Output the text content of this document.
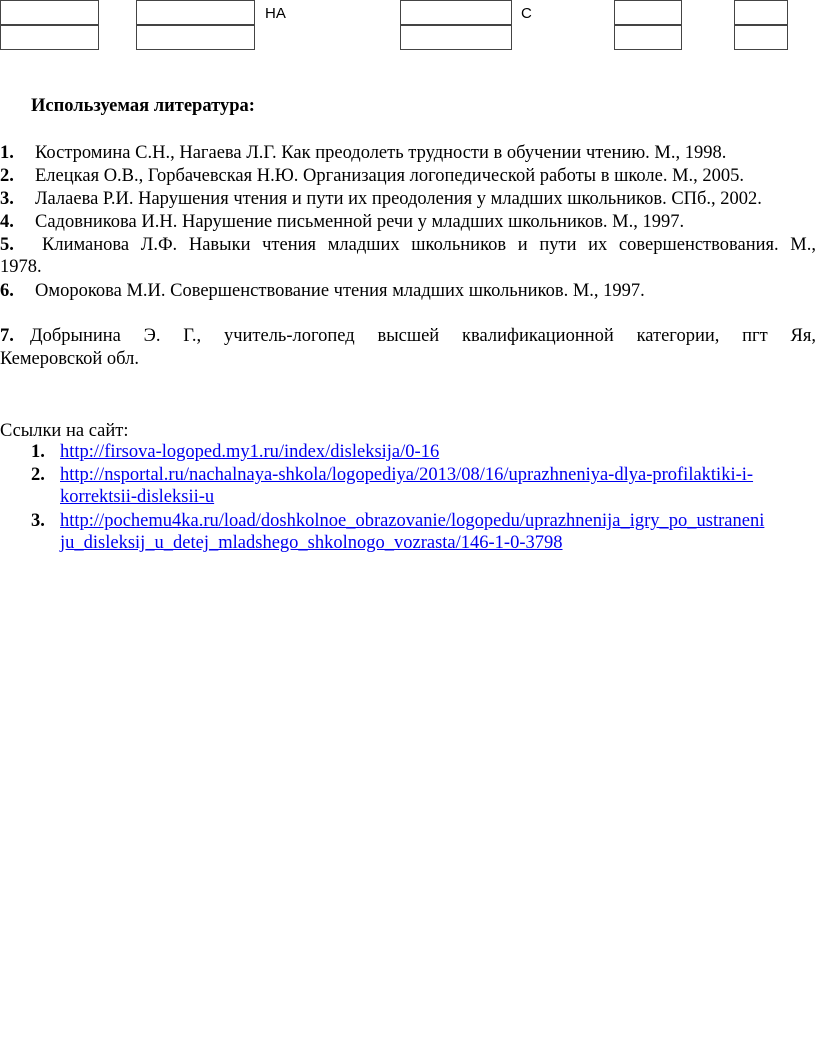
НА	С
Используемая литература:
1. Костромина С.Н., Нагаева Л.Г. Как преодолеть трудности в обучении чтению. М., 1998.
2. Елецкая О.В., Горбачевская Н.Ю. Организация логопедической работы в школе. М., 2005.
3. Лалаева Р.И. Нарушения чтения и пути их преодоления у младших школьников. СПб., 2002.
4. Садовникова И.Н. Нарушение письменной речи у младших школьников. М., 1997.
5. Климанова Л.Ф. Навыки чтения младших школьников и пути их совершенствования. М.,
1978.
6. Оморокова М.И. Совершенствование чтения младших школьников. М., 1997.
7. Добрынина Э. Г., учитель-логопед высшей квалификационной категории, пгт Яя,
Кемеровской обл.
Ссылки на сайт:
1. http://firsova-logoped.my1.ru/index/disleksija/0-16
2. http://nsportal.ru/nachalnaya-shkola/logopediya/2013/08/16/uprazhneniya-dlya-profilaktiki-i-
korrektsii-disleksii-u
3. http://pochemu4ka.ru/load/doshkolnoe_obrazovanie/logopedu/uprazhnenija_igry_po_ustraneni
ju_disleksij_u_detej_mladshego_shkolnogo_vozrasta/146-1-0-3798
